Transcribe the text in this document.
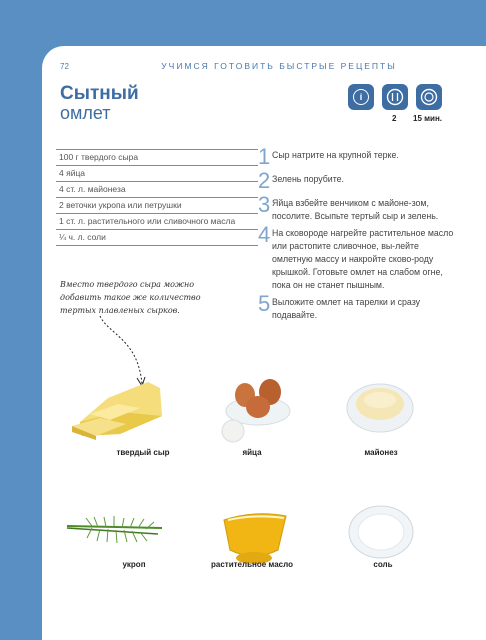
72	УЧИМСЯ ГОТОВИТЬ БЫСТРЫЕ РЕЦЕПТЫ
Сытный
омлет
i
2 15 мин.
100 г твердого сыра
4 яйца
4 ст. л. майонеза
2 веточки укропа или петрушки
1 ст. л. растительного или сливочного масла
¼ ч. л. соли
1 Сыр натрите на крупной терке.
2 Зелень порубите.
3 Яйца взбейте венчиком с майоне-зом, посолите. Всыпьте тертый сыр и зелень.
4 На сковороде нагрейте растительное масло или растопите сливочное, вы-лейте омлетную массу и накройте сково-роду крышкой. Готовьте омлет на слабом огне, пока он не станет пышным.
5 Выложите омлет на тарелки и сразу подавайте.
Вместо твердого сыра можно добавить такое же количество тертых плавленых сырков.
твердый сыр	яйца	майонез
укроп	растительное масло	соль
